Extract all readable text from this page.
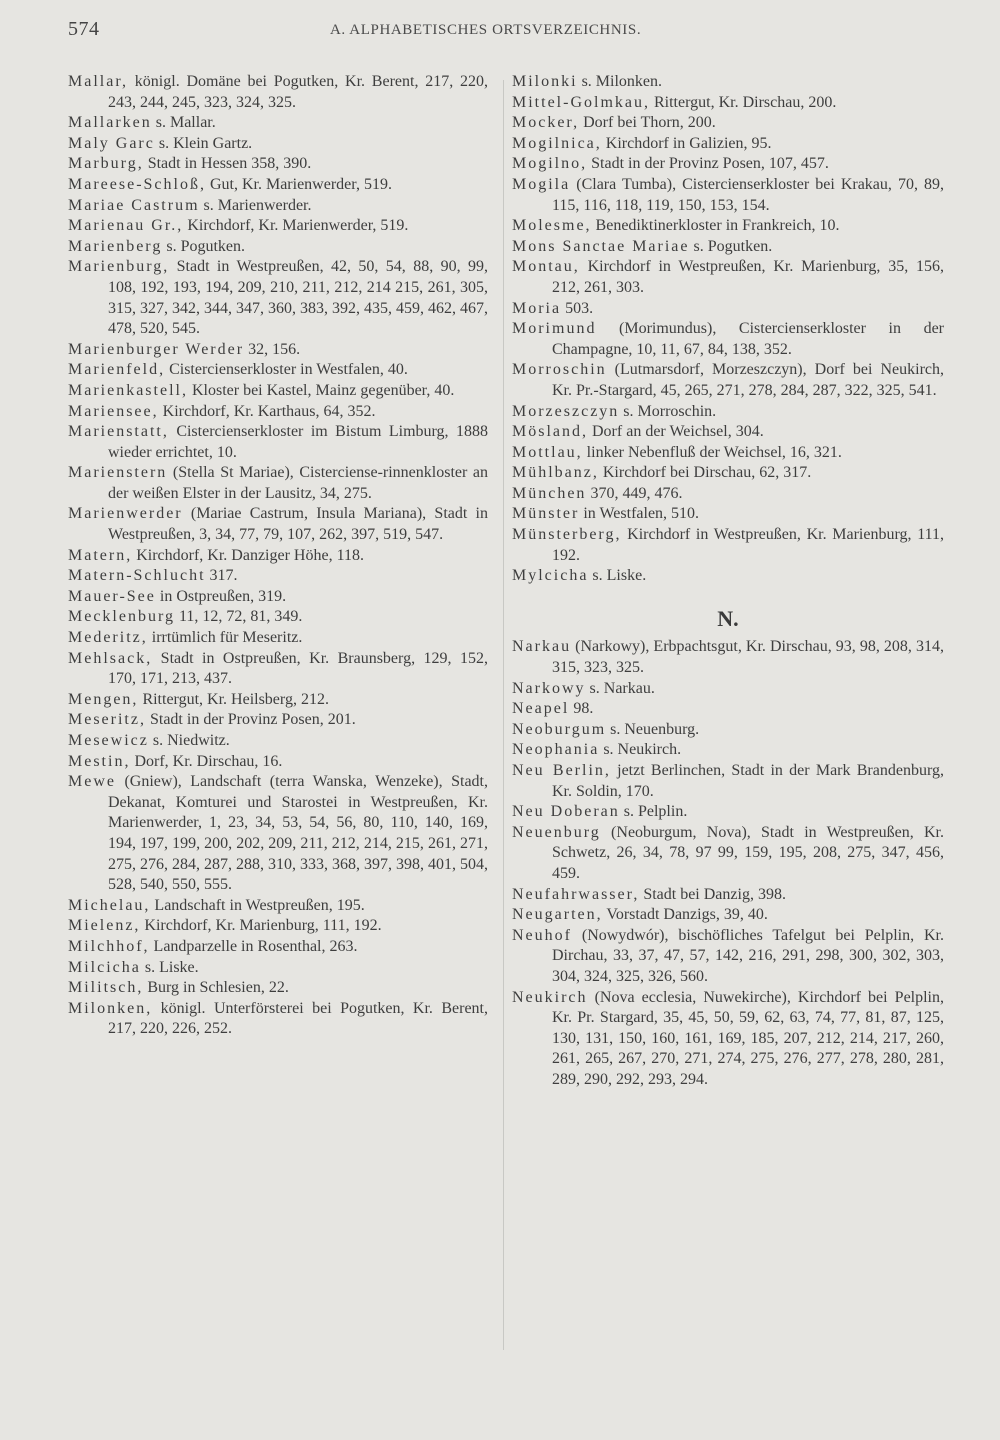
574	A. ALPHABETISCHES ORTSVERZEICHNIS.

Mallar, königl. Domäne bei Pogutken, Kr. Berent, 217, 220, 243, 244, 245, 323, 324, 325.

Mallarken s. Mallar.

Maly Garc s. Klein Gartz.

Marburg, Stadt in Hessen 358, 390.

Mareese-Schloß, Gut, Kr. Marienwerder, 519.

Mariae Castrum s. Marienwerder.

Marienau Gr., Kirchdorf, Kr. Marienwerder, 519.

Marienberg s. Pogutken.

Marienburg, Stadt in Westpreußen, 42, 50, 54, 88, 90, 99, 108, 192, 193, 194, 209, 210, 211, 212, 214 215, 261, 305, 315, 327, 342, 344, 347, 360, 383, 392, 435, 459, 462, 467, 478, 520, 545.

Marienburger Werder 32, 156.

Marienfeld, Cistercienserkloster in Westfalen, 40.

Marienkastell, Kloster bei Kastel, Mainz gegenüber, 40.

Mariensee, Kirchdorf, Kr. Karthaus, 64, 352.

Marienstatt, Cistercienserkloster im Bistum Limburg, 1888 wieder errichtet, 10.

Marienstern (Stella St Mariae), Cisterciense-rinnenkloster an der weißen Elster in der Lausitz, 34, 275.

Marienwerder (Mariae Castrum, Insula Mariana), Stadt in Westpreußen, 3, 34, 77, 79, 107, 262, 397, 519, 547.

Matern, Kirchdorf, Kr. Danziger Höhe, 118.

Matern-Schlucht 317.

Mauer-See in Ostpreußen, 319.

Mecklenburg 11, 12, 72, 81, 349.

Mederitz, irrtümlich für Meseritz.

Mehlsack, Stadt in Ostpreußen, Kr. Braunsberg, 129, 152, 170, 171, 213, 437.

Mengen, Rittergut, Kr. Heilsberg, 212.

Meseritz, Stadt in der Provinz Posen, 201.

Mesewicz s. Niedwitz.

Mestin, Dorf, Kr. Dirschau, 16.

Mewe (Gniew), Landschaft (terra Wanska, Wenzeke), Stadt, Dekanat, Komturei und Starostei in Westpreußen, Kr. Marienwerder, 1, 23, 34, 53, 54, 56, 80, 110, 140, 169, 194, 197, 199, 200, 202, 209, 211, 212, 214, 215, 261, 271, 275, 276, 284, 287, 288, 310, 333, 368, 397, 398, 401, 504, 528, 540, 550, 555.

Michelau, Landschaft in Westpreußen, 195.

Mielenz, Kirchdorf, Kr. Marienburg, 111, 192.

Milchhof, Landparzelle in Rosenthal, 263.

Milcicha s. Liske.

Militsch, Burg in Schlesien, 22.

Milonken, königl. Unterförsterei bei Pogutken, Kr. Berent, 217, 220, 226, 252.

Milonki s. Milonken.

Mittel-Golmkau, Rittergut, Kr. Dirschau, 200.

Mocker, Dorf bei Thorn, 200.

Mogilnica, Kirchdorf in Galizien, 95.

Mogilno, Stadt in der Provinz Posen, 107, 457.

Mogila (Clara Tumba), Cistercienserkloster bei Krakau, 70, 89, 115, 116, 118, 119, 150, 153, 154.

Molesme, Benediktinerkloster in Frankreich, 10.

Mons Sanctae Mariae s. Pogutken.

Montau, Kirchdorf in Westpreußen, Kr. Marienburg, 35, 156, 212, 261, 303.

Moria 503.

Morimund (Morimundus), Cistercienserkloster in der Champagne, 10, 11, 67, 84, 138, 352.

Morroschin (Lutmarsdorf, Morzeszczyn), Dorf bei Neukirch, Kr. Pr.-Stargard, 45, 265, 271, 278, 284, 287, 322, 325, 541.

Morzeszczyn s. Morroschin.

Mösland, Dorf an der Weichsel, 304.

Mottlau, linker Nebenfluß der Weichsel, 16, 321.

Mühlbanz, Kirchdorf bei Dirschau, 62, 317.

München 370, 449, 476.

Münster in Westfalen, 510.

Münsterberg, Kirchdorf in Westpreußen, Kr. Marienburg, 111, 192.

Mylcicha s. Liske.

N.

Narkau (Narkowy), Erbpachtsgut, Kr. Dirschau, 93, 98, 208, 314, 315, 323, 325.

Narkowy s. Narkau.

Neapel 98.

Neoburgum s. Neuenburg.

Neophania s. Neukirch.

Neu Berlin, jetzt Berlinchen, Stadt in der Mark Brandenburg, Kr. Soldin, 170.

Neu Doberan s. Pelplin.

Neuenburg (Neoburgum, Nova), Stadt in Westpreußen, Kr. Schwetz, 26, 34, 78, 97 99, 159, 195, 208, 275, 347, 456, 459.

Neufahrwasser, Stadt bei Danzig, 398.

Neugarten, Vorstadt Danzigs, 39, 40.

Neuhof (Nowydwór), bischöfliches Tafelgut bei Pelplin, Kr. Dirchau, 33, 37, 47, 57, 142, 216, 291, 298, 300, 302, 303, 304, 324, 325, 326, 560.

Neukirch (Nova ecclesia, Nuwekirche), Kirchdorf bei Pelplin, Kr. Pr. Stargard, 35, 45, 50, 59, 62, 63, 74, 77, 81, 87, 125, 130, 131, 150, 160, 161, 169, 185, 207, 212, 214, 217, 260, 261, 265, 267, 270, 271, 274, 275, 276, 277, 278, 280, 281, 289, 290, 292, 293, 294.
